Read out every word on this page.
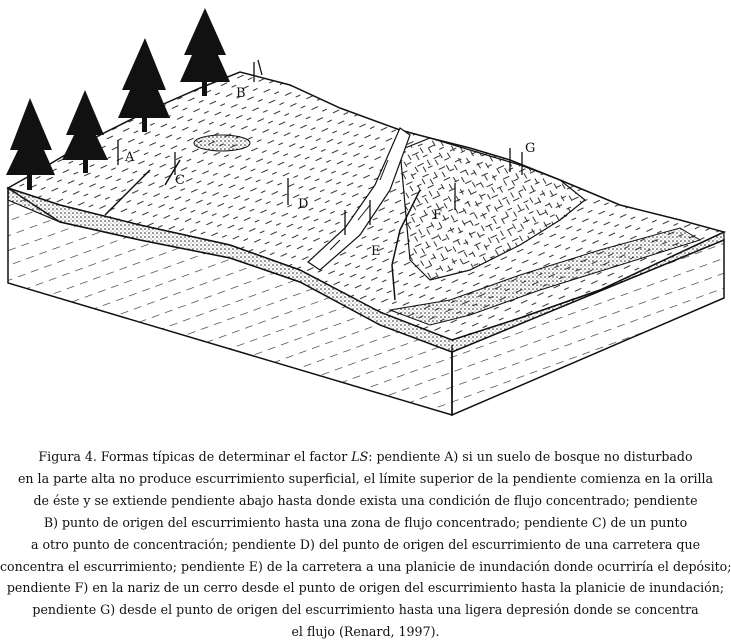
A
B
C
D
E
F
G
Figura 4. Formas típicas de determinar el factor LS: pendiente A) si un suelo de bosque no disturbado
en la parte alta no produce escurrimiento superficial, el límite superior de la pendiente comienza en la orilla
de éste y se extiende pendiente abajo hasta donde exista una condición de flujo concentrado; pendiente
B) punto de origen del escurrimiento hasta una zona de flujo concentrado; pendiente C) de un punto
a otro punto de concentración; pendiente D) del punto de origen del escurrimiento de una carretera que
concentra el escurrimiento; pendiente E) de la carretera a una planicie de inundación donde ocurriría el depósito;
pendiente F) en la nariz de un cerro desde el punto de origen del escurrimiento hasta la planicie de inundación;
pendiente G) desde el punto de origen del escurrimiento hasta una ligera depresión donde se concentra
el flujo (Renard, 1997).
